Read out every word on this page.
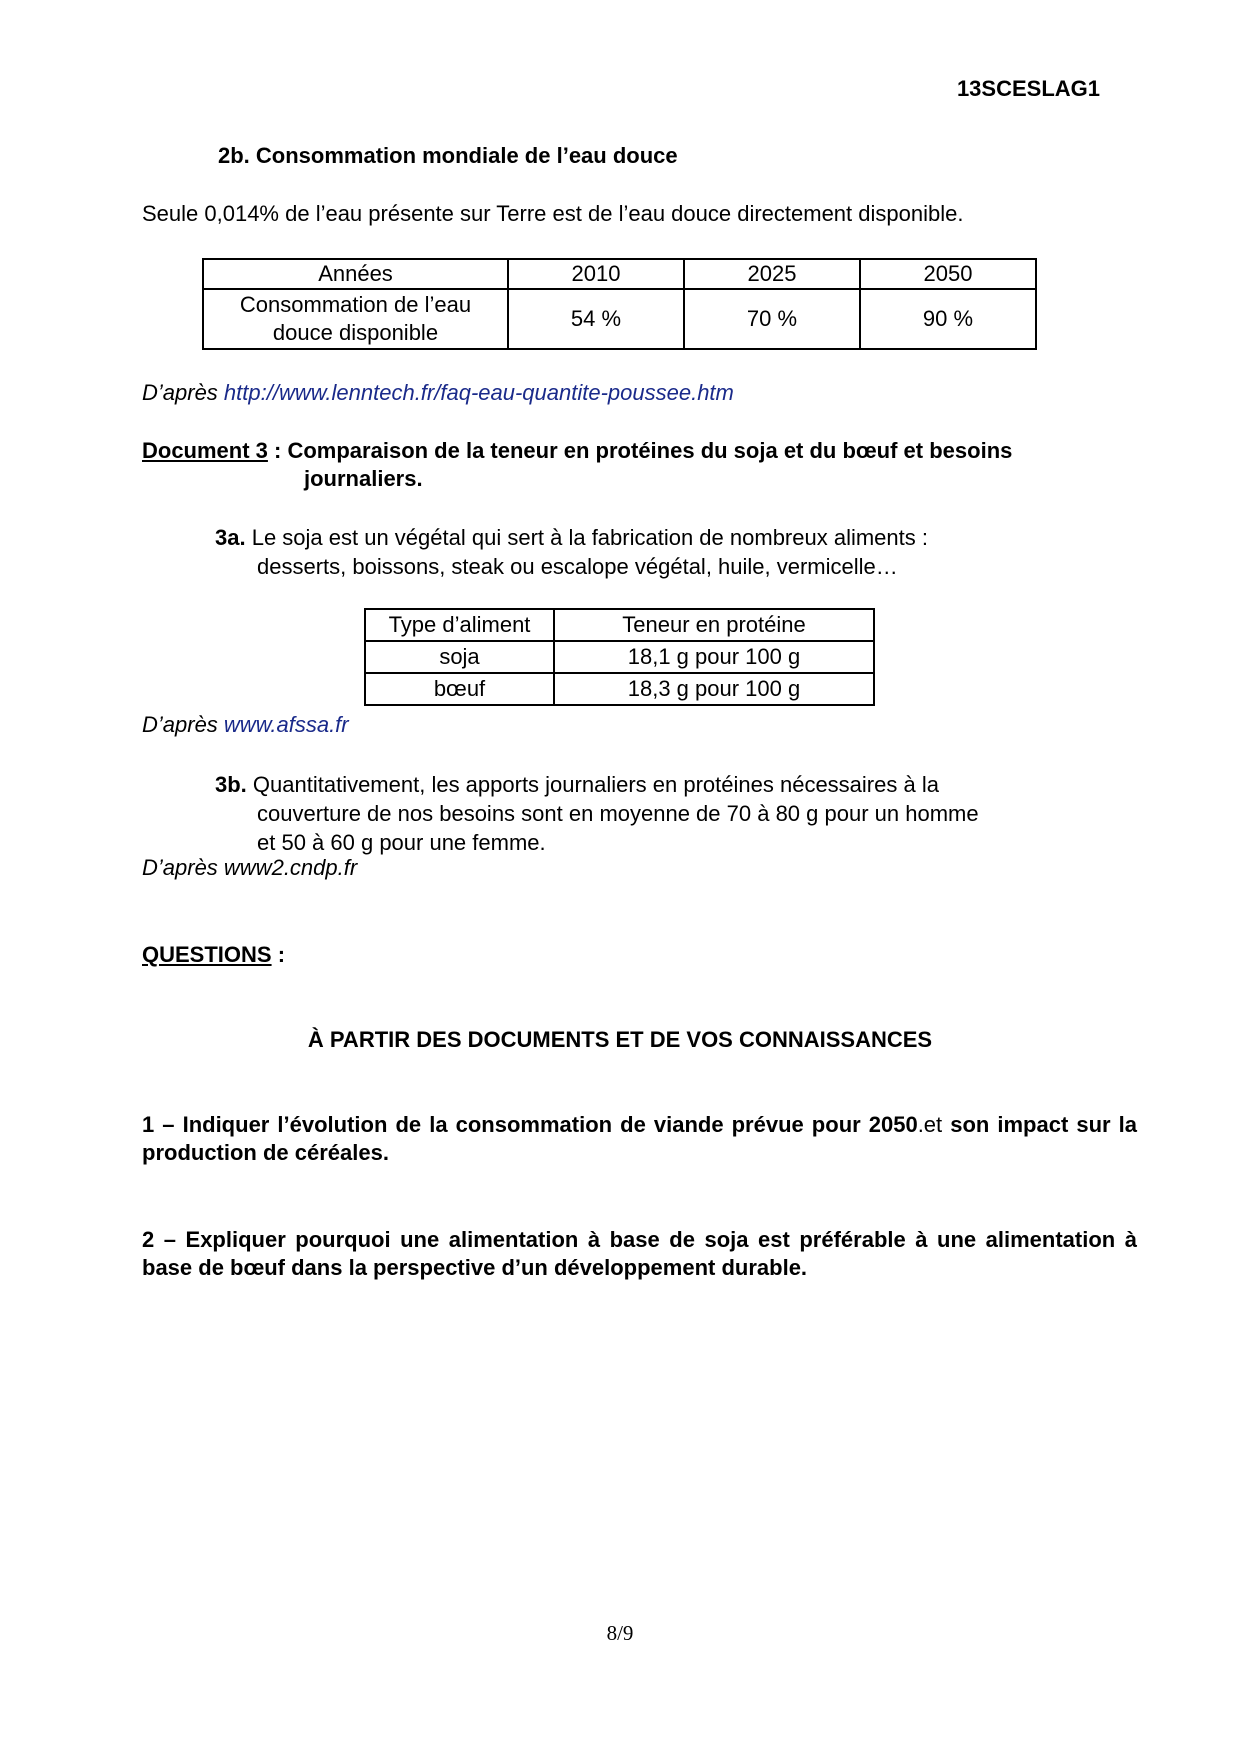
13SCESLAG1
2b. Consommation mondiale de l’eau douce
Seule 0,014% de l’eau présente sur Terre est de l’eau douce directement disponible.
Années	2010	2025	2050

Consommation de l’eau
douce disponible	54 %	70 %	90 %
D’après http://www.lenntech.fr/faq-eau-quantite-poussee.htm
Document 3 : Comparaison de la teneur en protéines du soja et du bœuf et besoins
journaliers.
3a. Le soja est un végétal qui sert à la fabrication de nombreux aliments :
desserts, boissons, steak ou escalope végétal, huile, vermicelle…
Type d’aliment	Teneur en protéine
soja	18,1 g pour 100 g
bœuf	18,3 g pour 100 g
D’après www.afssa.fr
3b. Quantitativement, les apports journaliers en protéines nécessaires à la
couverture de nos besoins sont en moyenne de 70 à 80 g pour un homme
et 50 à 60 g pour une femme.
D’après www2.cndp.fr
QUESTIONS :
À PARTIR DES DOCUMENTS ET DE VOS CONNAISSANCES
1 – Indiquer l’évolution de la consommation de viande prévue pour 2050.et son impact sur la production de céréales.
2 – Expliquer pourquoi une alimentation à base de soja est préférable à une alimentation à base de bœuf dans la perspective d’un développement durable.
8/9
